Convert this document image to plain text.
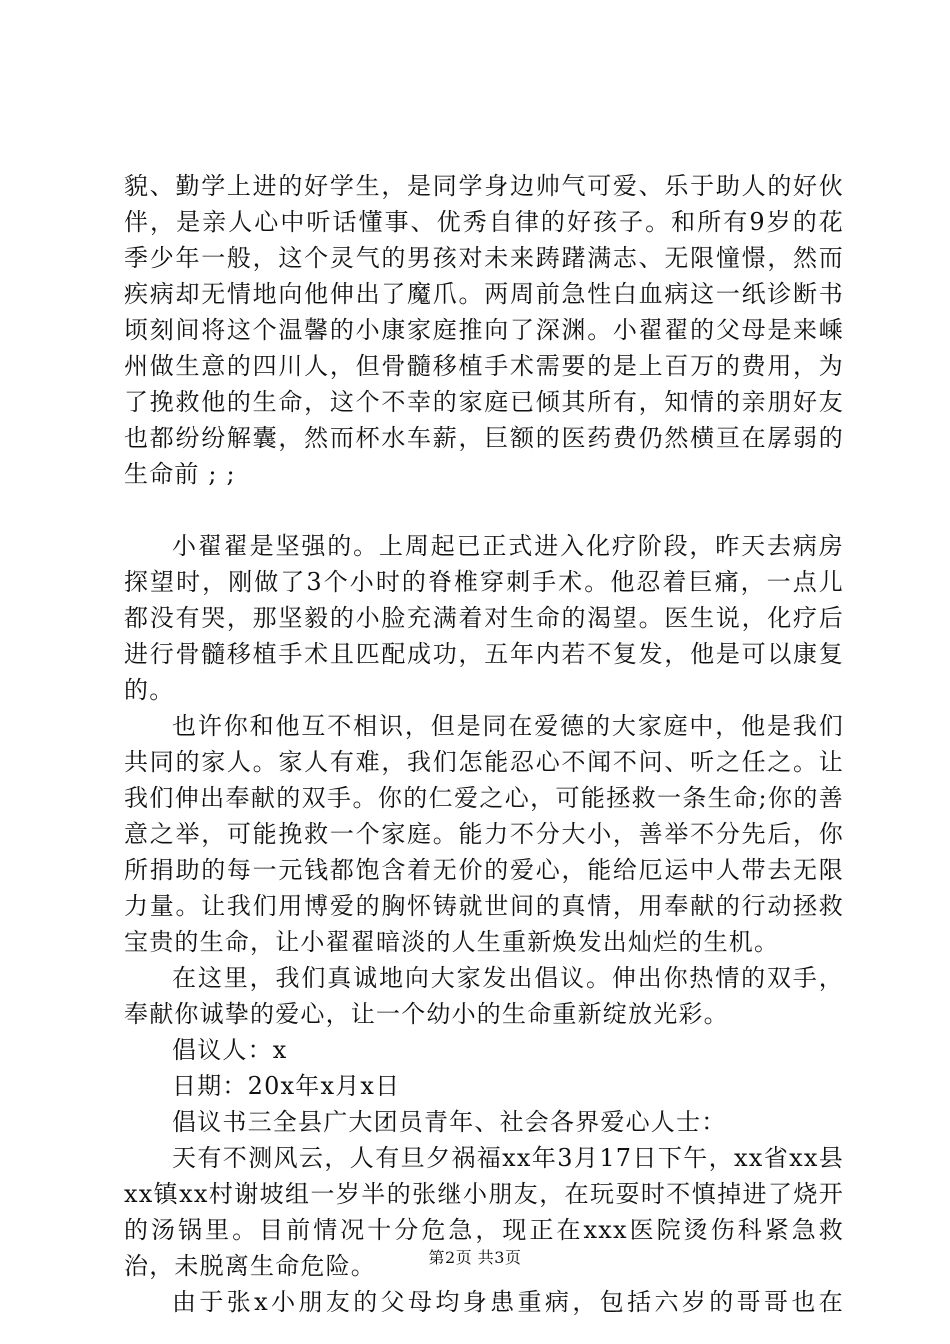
貌、勤学上进的好学生，是同学身边帅气可爱、乐于助人的好伙伴，是亲人心中听话懂事、优秀自律的好孩子。和所有9岁的花季少年一般，这个灵气的男孩对未来踌躇满志、无限憧憬，然而疾病却无情地向他伸出了魔爪。两周前急性白血病这一纸诊断书顷刻间将这个温馨的小康家庭推向了深渊。小翟翟的父母是来嵊州做生意的四川人，但骨髓移植手术需要的是上百万的费用，为了挽救他的生命，这个不幸的家庭已倾其所有，知情的亲朋好友也都纷纷解囊，然而杯水车薪，巨额的医药费仍然横亘在孱弱的生命前 ; ;

小翟翟是坚强的。上周起已正式进入化疗阶段，昨天去病房探望时，刚做了3个小时的脊椎穿刺手术。他忍着巨痛，一点儿都没有哭，那坚毅的小脸充满着对生命的渴望。医生说，化疗后进行骨髓移植手术且匹配成功，五年内若不复发，他是可以康复的。

也许你和他互不相识，但是同在爱德的大家庭中，他是我们共同的家人。家人有难，我们怎能忍心不闻不问、听之任之。让我们伸出奉献的双手。你的仁爱之心，可能拯救一条生命;你的善意之举，可能挽救一个家庭。能力不分大小，善举不分先后，你所捐助的每一元钱都饱含着无价的爱心，能给厄运中人带去无限力量。让我们用博爱的胸怀铸就世间的真情，用奉献的行动拯救宝贵的生命，让小翟翟暗淡的人生重新焕发出灿烂的生机。

在这里，我们真诚地向大家发出倡议。伸出你热情的双手，奉献你诚挚的爱心，让一个幼小的生命重新绽放光彩。

倡议人：x

日期：20x年x月x日

倡议书三全县广大团员青年、社会各界爱心人士：

天有不测风云，人有旦夕祸福xx年3月17日下午，xx省xx县xx镇xx村谢坡组一岁半的张继小朋友，在玩耍时不慎掉进了烧开的汤锅里。目前情况十分危急，现正在xxx医院烫伤科紧急救治，未脱离生命危险。

由于张x小朋友的父母均身患重病，包括六岁的哥哥也在

第2页 共3页
